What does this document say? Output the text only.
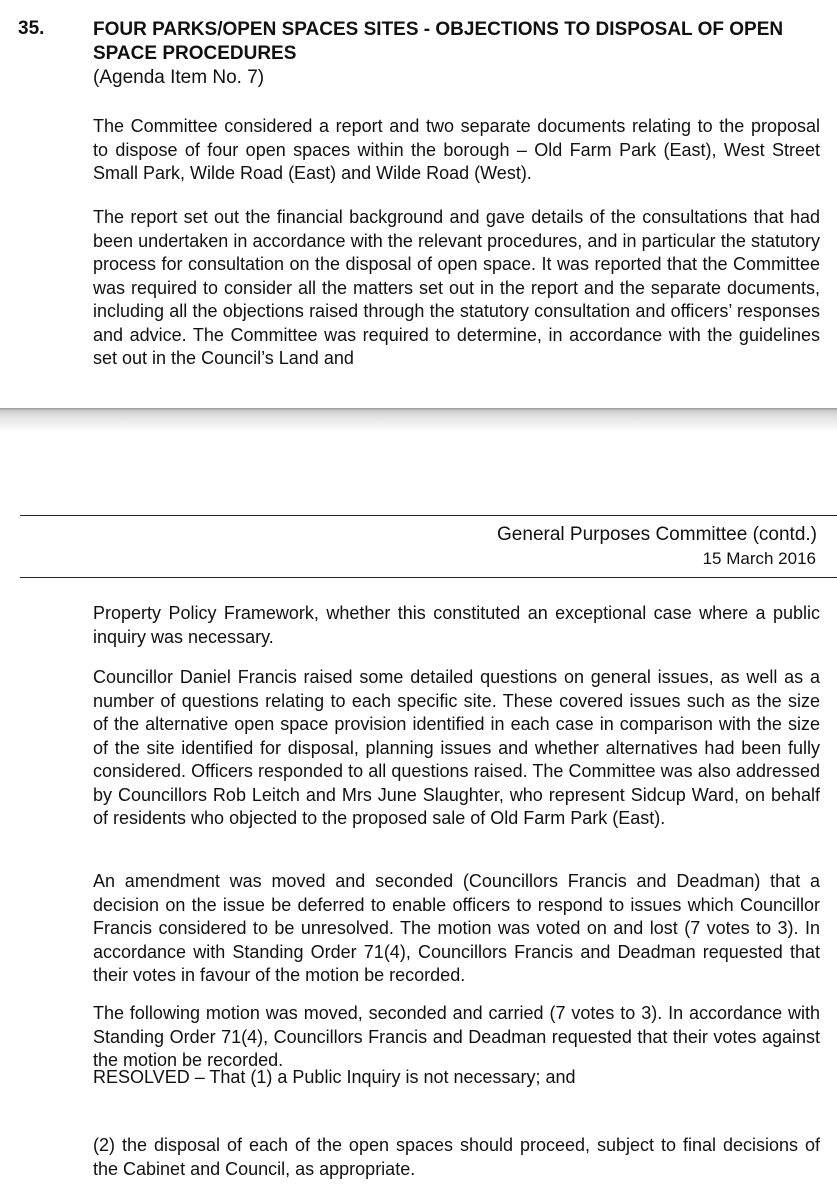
35.	FOUR PARKS/OPEN SPACES SITES - OBJECTIONS TO DISPOSAL OF OPEN SPACE PROCEDURES
(Agenda Item No. 7)

The Committee considered a report and two separate documents relating to the proposal to dispose of four open spaces within the borough – Old Farm Park (East), West Street Small Park, Wilde Road (East) and Wilde Road (West).

The report set out the financial background and gave details of the consultations that had been undertaken in accordance with the relevant procedures, and in particular the statutory process for consultation on the disposal of open space. It was reported that the Committee was required to consider all the matters set out in the report and the separate documents, including all the objections raised through the statutory consultation and officers’ responses and advice. The Committee was required to determine, in accordance with the guidelines set out in the Council’s Land and

General Purposes Committee (contd.)
15 March 2016

Property Policy Framework, whether this constituted an exceptional case where a public inquiry was necessary.

Councillor Daniel Francis raised some detailed questions on general issues, as well as a number of questions relating to each specific site. These covered issues such as the size of the alternative open space provision identified in each case in comparison with the size of the site identified for disposal, planning issues and whether alternatives had been fully considered. Officers responded to all questions raised. The Committee was also addressed by Councillors Rob Leitch and Mrs June Slaughter, who represent Sidcup Ward, on behalf of residents who objected to the proposed sale of Old Farm Park (East).

An amendment was moved and seconded (Councillors Francis and Deadman) that a decision on the issue be deferred to enable officers to respond to issues which Councillor Francis considered to be unresolved. The motion was voted on and lost (7 votes to 3). In accordance with Standing Order 71(4), Councillors Francis and Deadman requested that their votes in favour of the motion be recorded.

The following motion was moved, seconded and carried (7 votes to 3). In accordance with Standing Order 71(4), Councillors Francis and Deadman requested that their votes against the motion be recorded.

RESOLVED – That (1) a Public Inquiry is not necessary; and

(2) the disposal of each of the open spaces should proceed, subject to final decisions of the Cabinet and Council, as appropriate.
